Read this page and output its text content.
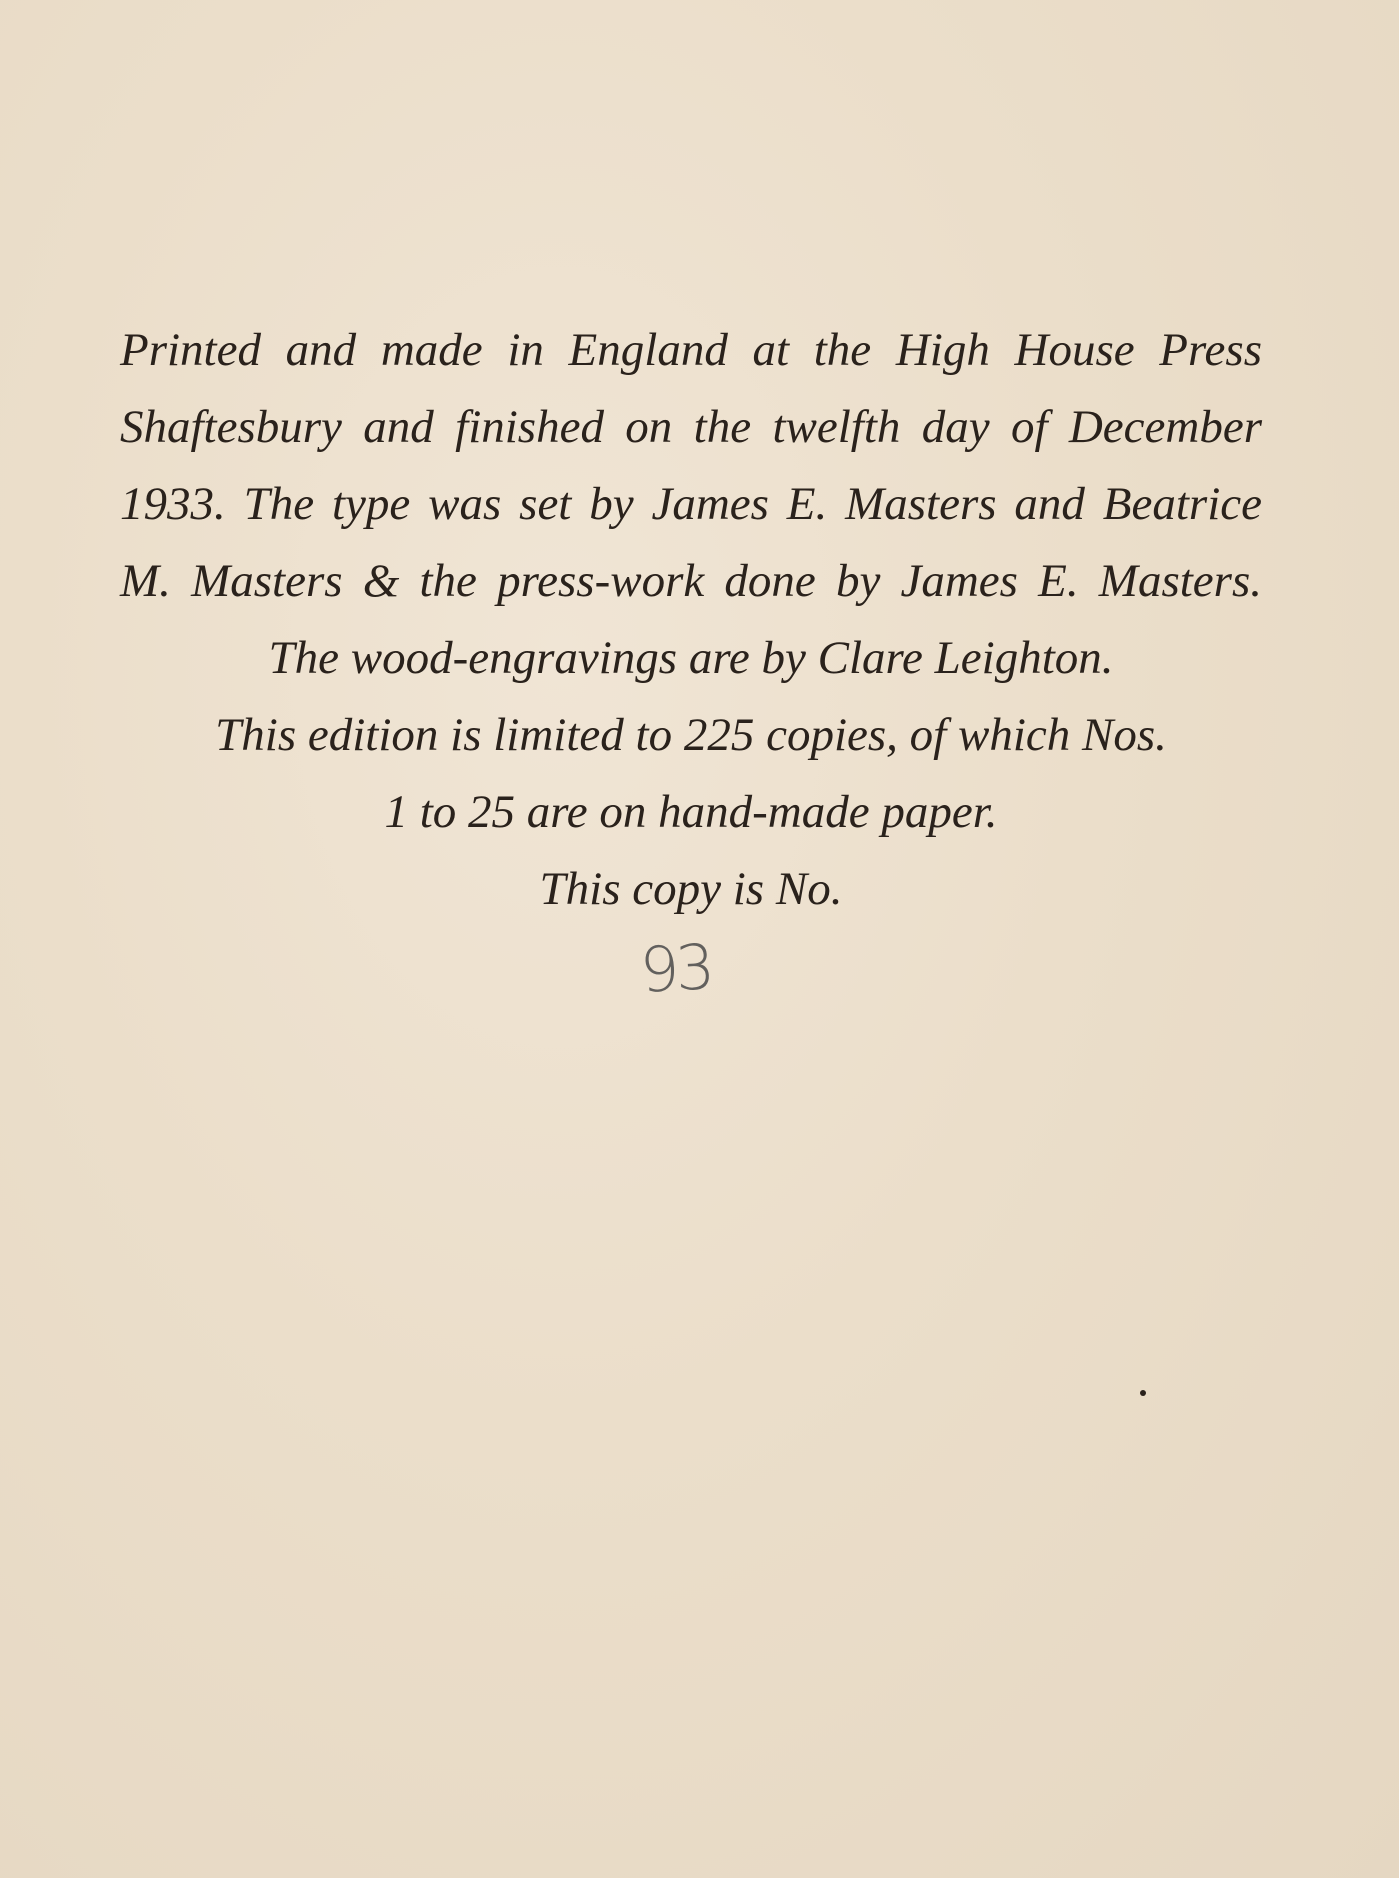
Printed and made in England at the High House Press

Shaftesbury and finished on the twelfth day of December

1933. The type was set by James E. Masters and Beatrice

M. Masters & the press-work done by James E. Masters.

The wood-engravings are by Clare Leighton.

This edition is limited to 225 copies, of which Nos.

1 to 25 are on hand-made paper.

This copy is No.

93
